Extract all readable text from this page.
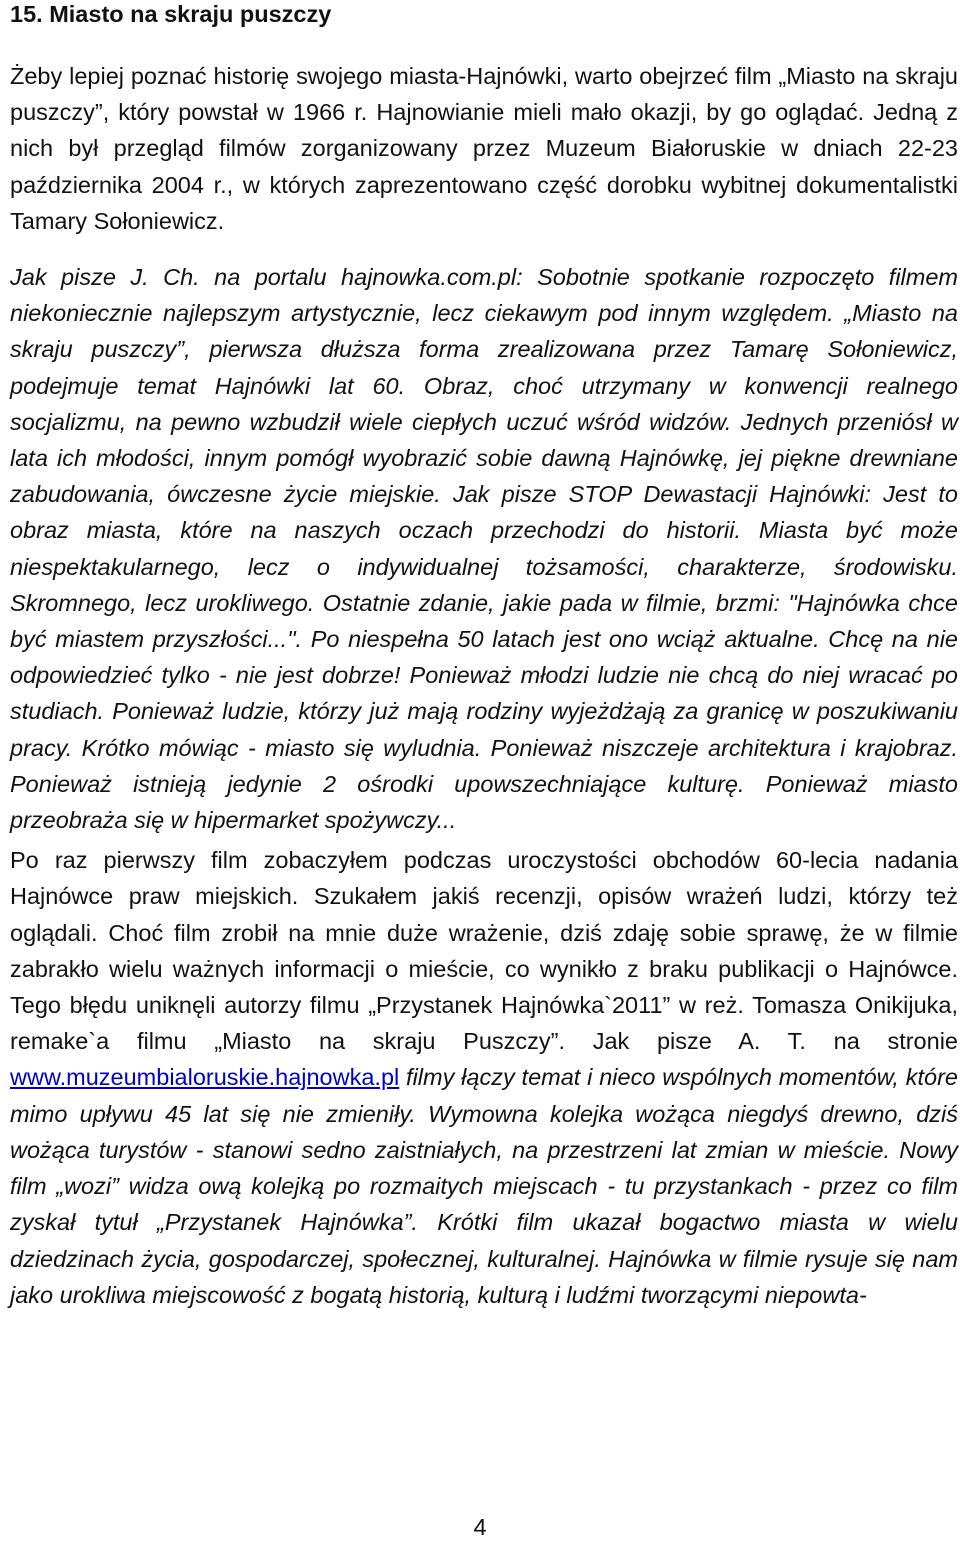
15. Miasto na skraju puszczy

Żeby lepiej poznać historię swojego miasta-Hajnówki, warto obejrzeć film „Miasto na skraju puszczy”, który powstał w 1966 r. Hajnowianie mieli mało okazji, by go oglądać. Jedną z nich był przegląd filmów zorganizowany przez Muzeum Białoruskie w dniach 22-23 października 2004 r., w których zaprezentowano część dorobku wybitnej dokumentalistki Tamary Sołoniewicz.

Jak pisze J. Ch. na portalu hajnowka.com.pl: Sobotnie spotkanie rozpoczęto filmem niekoniecznie najlepszym artystycznie, lecz ciekawym pod innym względem. „Miasto na skraju puszczy”, pierwsza dłuższa forma zrealizowana przez Tamarę Sołoniewicz, podejmuje temat Hajnówki lat 60. Obraz, choć utrzymany w konwencji realnego socjalizmu, na pewno wzbudził wiele ciepłych uczuć wśród widzów. Jednych przeniósł w lata ich młodości, innym pomógł wyobrazić sobie dawną Hajnówkę, jej piękne drewniane zabudowania, ówczesne życie miejskie. Jak pisze STOP Dewastacji Hajnówki: Jest to obraz miasta, które na naszych oczach przechodzi do historii. Miasta być może niespektakularnego, lecz o indywidualnej tożsamości, charakterze, środowisku. Skromnego, lecz urokliwego. Ostatnie zdanie, jakie pada w filmie, brzmi: "Hajnówka chce być miastem przyszłości...". Po niespełna 50 latach jest ono wciąż aktualne. Chcę na nie odpowiedzieć tylko - nie jest dobrze! Ponieważ młodzi ludzie nie chcą do niej wracać po studiach. Ponieważ ludzie, którzy już mają rodziny wyjeżdżają za granicę w poszukiwaniu pracy. Krótko mówiąc - miasto się wyludnia. Ponieważ niszczeje architektura i krajobraz. Ponieważ istnieją jedynie 2 ośrodki upowszechniające kulturę. Ponieważ miasto przeobraża się w hipermarket spożywczy...

Po raz pierwszy film zobaczyłem podczas uroczystości obchodów 60-lecia nadania Hajnówce praw miejskich. Szukałem jakiś recenzji, opisów wrażeń ludzi, którzy też oglądali. Choć film zrobił na mnie duże wrażenie, dziś zdaję sobie sprawę, że w filmie zabrakło wielu ważnych informacji o mieście, co wynikło z braku publikacji o Hajnówce. Tego błędu uniknęli autorzy filmu „Przystanek Hajnówka`2011” w reż. Tomasza Onikijuka, remake`a filmu „Miasto na skraju Puszczy”. Jak pisze A. T. na stronie www.muzeumbialoruskie.hajnowka.pl filmy łączy temat i nieco wspólnych momentów, które mimo upływu 45 lat się nie zmieniły. Wymowna kolejka wożąca niegdyś drewno, dziś wożąca turystów - stanowi sedno zaistniałych, na przestrzeni lat zmian w mieście. Nowy film „wozi” widza ową kolejką po rozmaitych miejscach - tu przystankach - przez co film zyskał tytuł „Przystanek Hajnówka”. Krótki film ukazał bogactwo miasta w wielu dziedzinach życia, gospodarczej, społecznej, kulturalnej. Hajnówka w filmie rysuje się nam jako urokliwa miejscowość z bogatą historią, kulturą i ludźmi tworzącymi niepowta-

4
